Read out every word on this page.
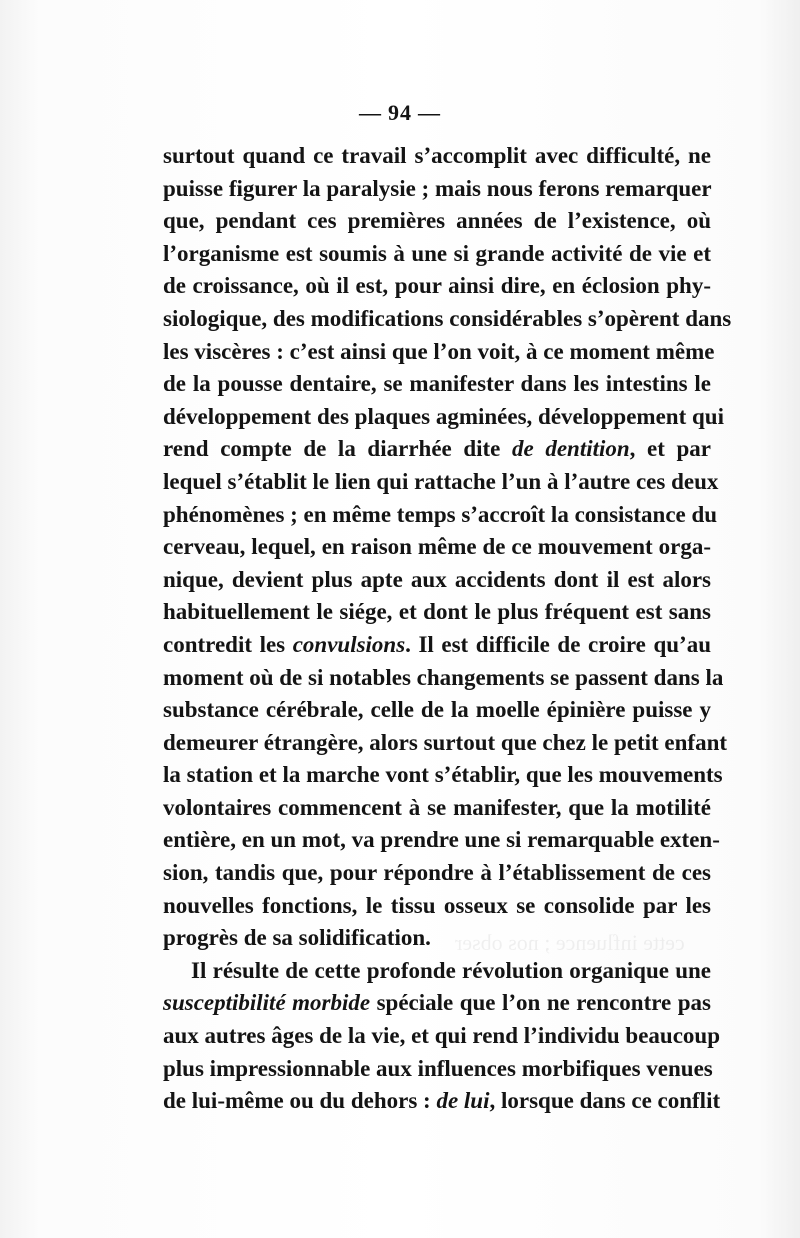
cette influence ; nos obser
— 94 —
surtout quand ce travail s’accomplit avec difficulté, ne
puisse figurer la paralysie ; mais nous ferons remarquer
que, pendant ces premières années de l’existence, où
l’organisme est soumis à une si grande activité de vie et
de croissance, où il est, pour ainsi dire, en éclosion phy-
siologique, des modifications considérables s’opèrent dans
les viscères : c’est ainsi que l’on voit, à ce moment même
de la pousse dentaire, se manifester dans les intestins le
développement des plaques agminées, développement qui
rend compte de la diarrhée dite de dentition, et par
lequel s’établit le lien qui rattache l’un à l’autre ces deux
phénomènes ; en même temps s’accroît la consistance du
cerveau, lequel, en raison même de ce mouvement orga-
nique, devient plus apte aux accidents dont il est alors
habituellement le siége, et dont le plus fréquent est sans
contredit les convulsions. Il est difficile de croire qu’au
moment où de si notables changements se passent dans la
substance cérébrale, celle de la moelle épinière puisse y
demeurer étrangère, alors surtout que chez le petit enfant
la station et la marche vont s’établir, que les mouvements
volontaires commencent à se manifester, que la motilité
entière, en un mot, va prendre une si remarquable exten-
sion, tandis que, pour répondre à l’établissement de ces
nouvelles fonctions, le tissu osseux se consolide par les
progrès de sa solidification.
Il résulte de cette profonde révolution organique une
susceptibilité morbide spéciale que l’on ne rencontre pas
aux autres âges de la vie, et qui rend l’individu beaucoup
plus impressionnable aux influences morbifiques venues
de lui-même ou du dehors : de lui, lorsque dans ce conflit
